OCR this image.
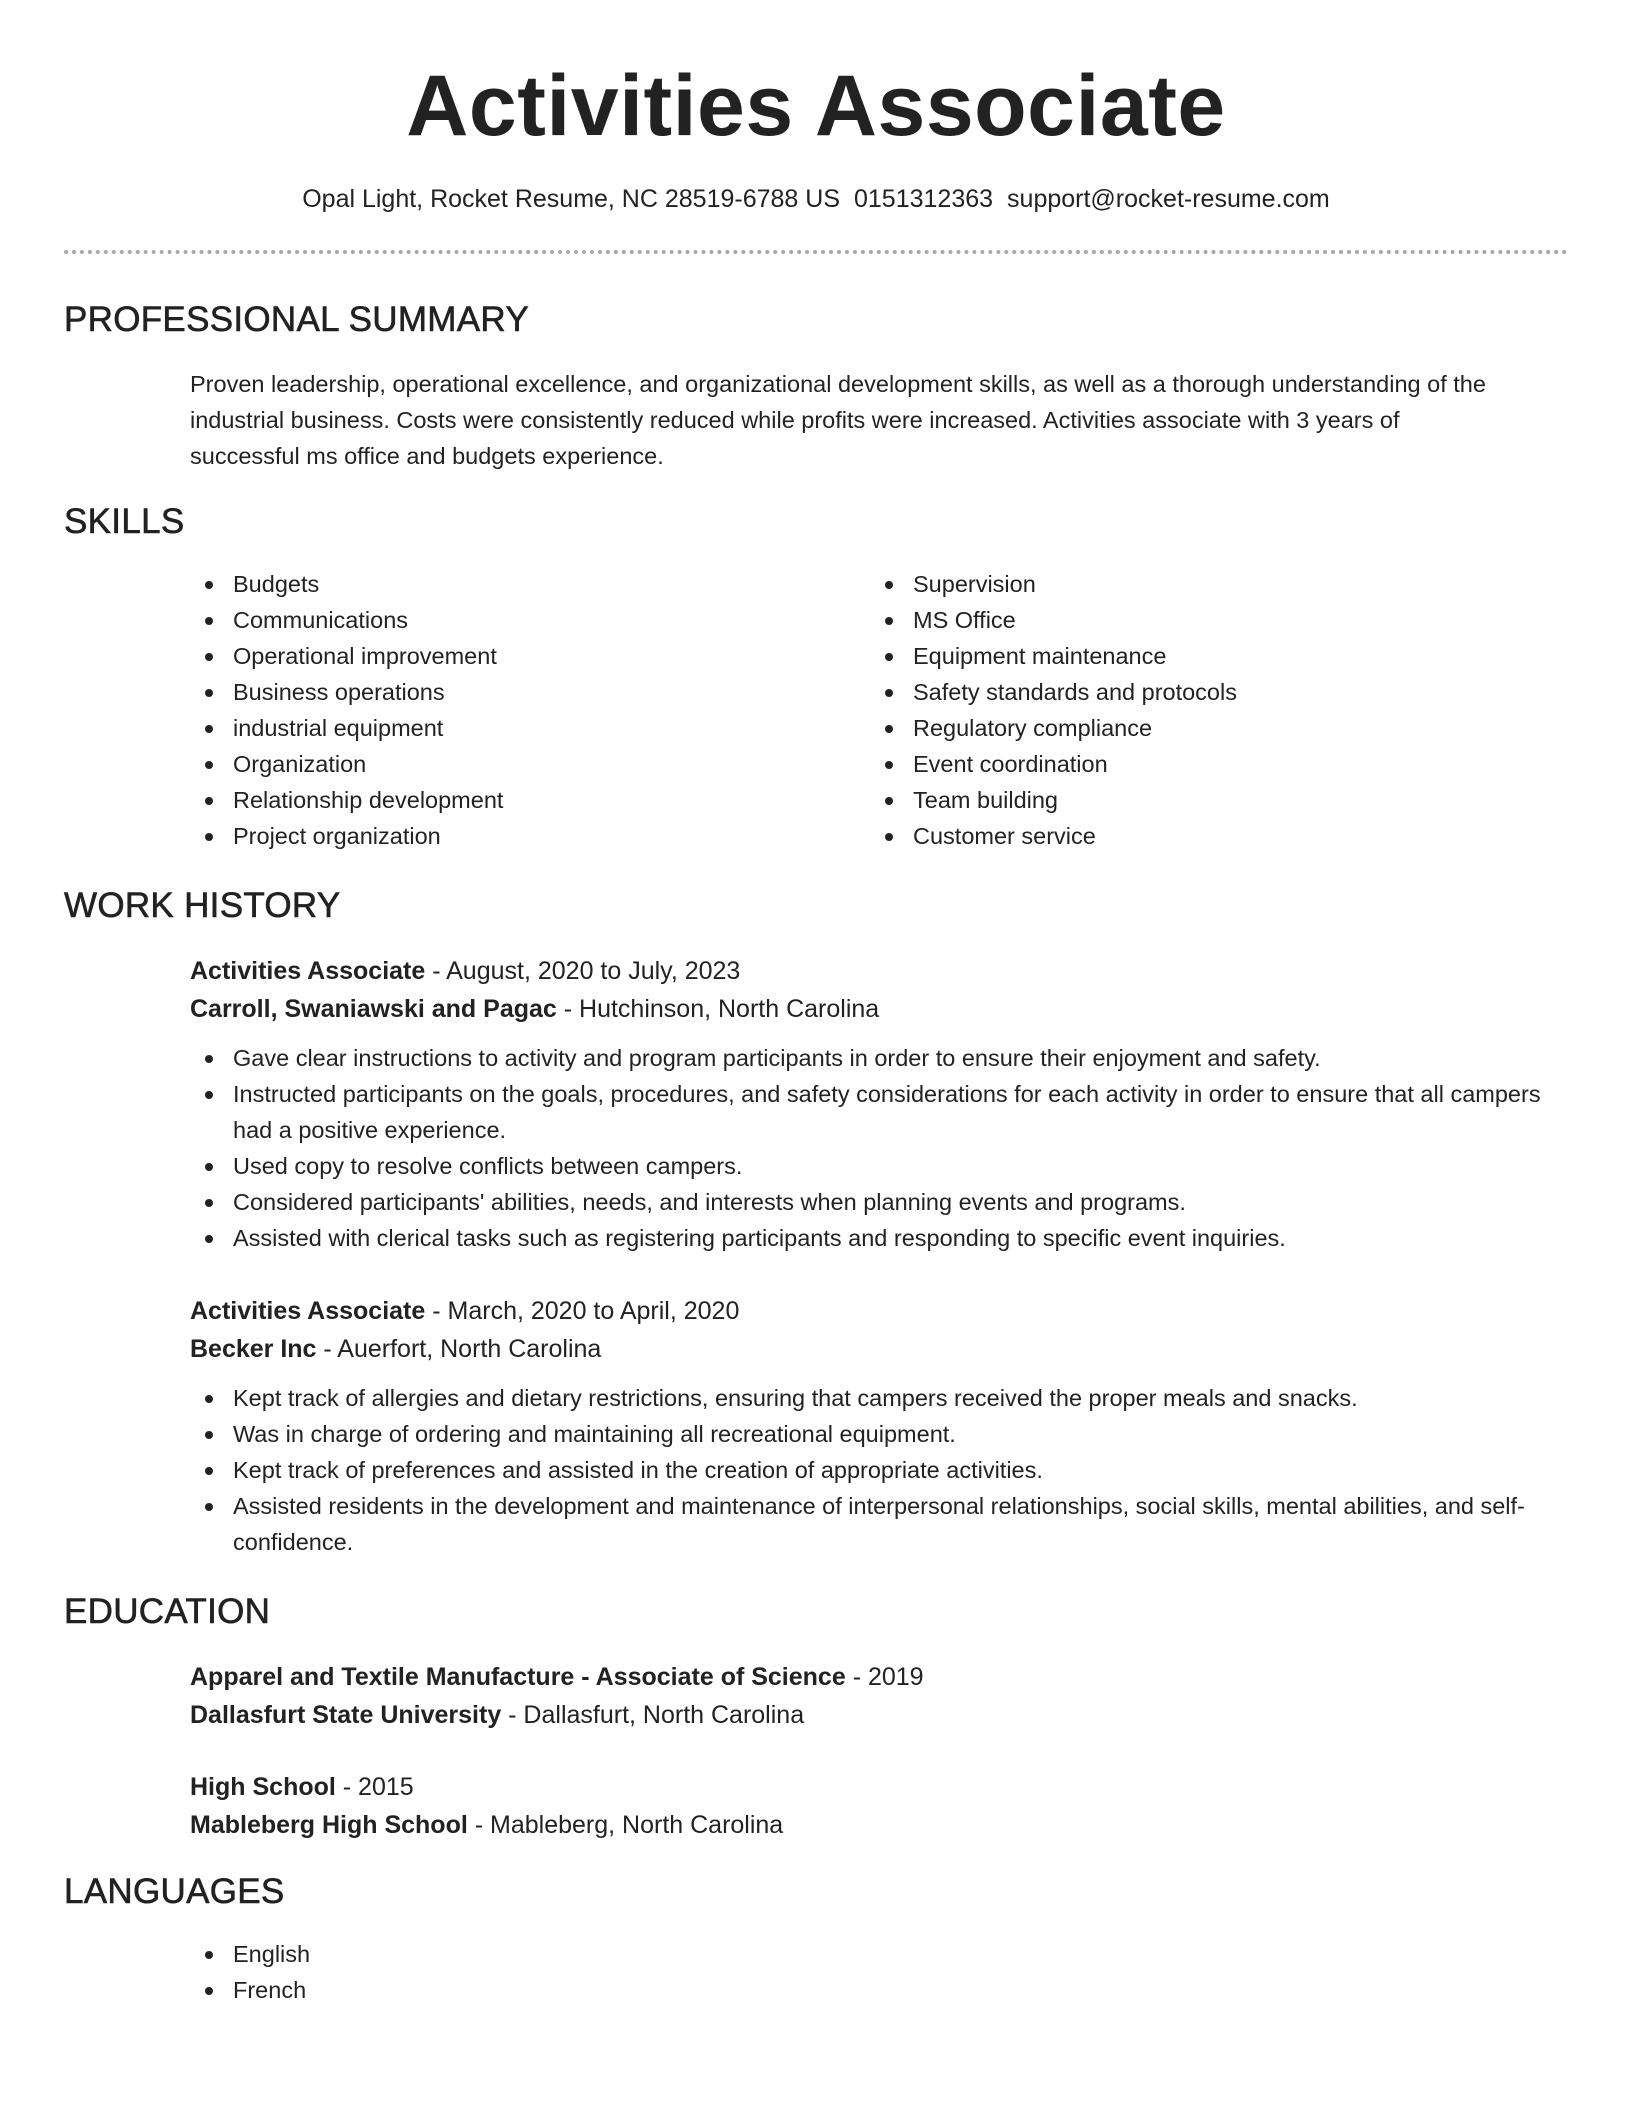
Activities Associate
Opal Light, Rocket Resume, NC 28519-6788 US 0151312363 support@rocket-resume.com
PROFESSIONAL SUMMARY
Proven leadership, operational excellence, and organizational development skills, as well as a thorough understanding of the
industrial business. Costs were consistently reduced while profits were increased. Activities associate with 3 years of
successful ms office and budgets experience.
SKILLS
Budgets
Communications
Operational improvement
Business operations
industrial equipment
Organization
Relationship development
Project organization
Supervision
MS Office
Equipment maintenance
Safety standards and protocols
Regulatory compliance
Event coordination
Team building
Customer service
WORK HISTORY
Activities Associate - August, 2020 to July, 2023
Carroll, Swaniawski and Pagac - Hutchinson, North Carolina
Gave clear instructions to activity and program participants in order to ensure their enjoyment and safety.
Instructed participants on the goals, procedures, and safety considerations for each activity in order to ensure that all campers had a positive experience.
Used copy to resolve conflicts between campers.
Considered participants' abilities, needs, and interests when planning events and programs.
Assisted with clerical tasks such as registering participants and responding to specific event inquiries.
Activities Associate - March, 2020 to April, 2020
Becker Inc - Auerfort, North Carolina
Kept track of allergies and dietary restrictions, ensuring that campers received the proper meals and snacks.
Was in charge of ordering and maintaining all recreational equipment.
Kept track of preferences and assisted in the creation of appropriate activities.
Assisted residents in the development and maintenance of interpersonal relationships, social skills, mental abilities, and self-confidence.
EDUCATION
Apparel and Textile Manufacture - Associate of Science - 2019
Dallasfurt State University - Dallasfurt, North Carolina
High School - 2015
Mableberg High School - Mableberg, North Carolina
LANGUAGES
English
French
